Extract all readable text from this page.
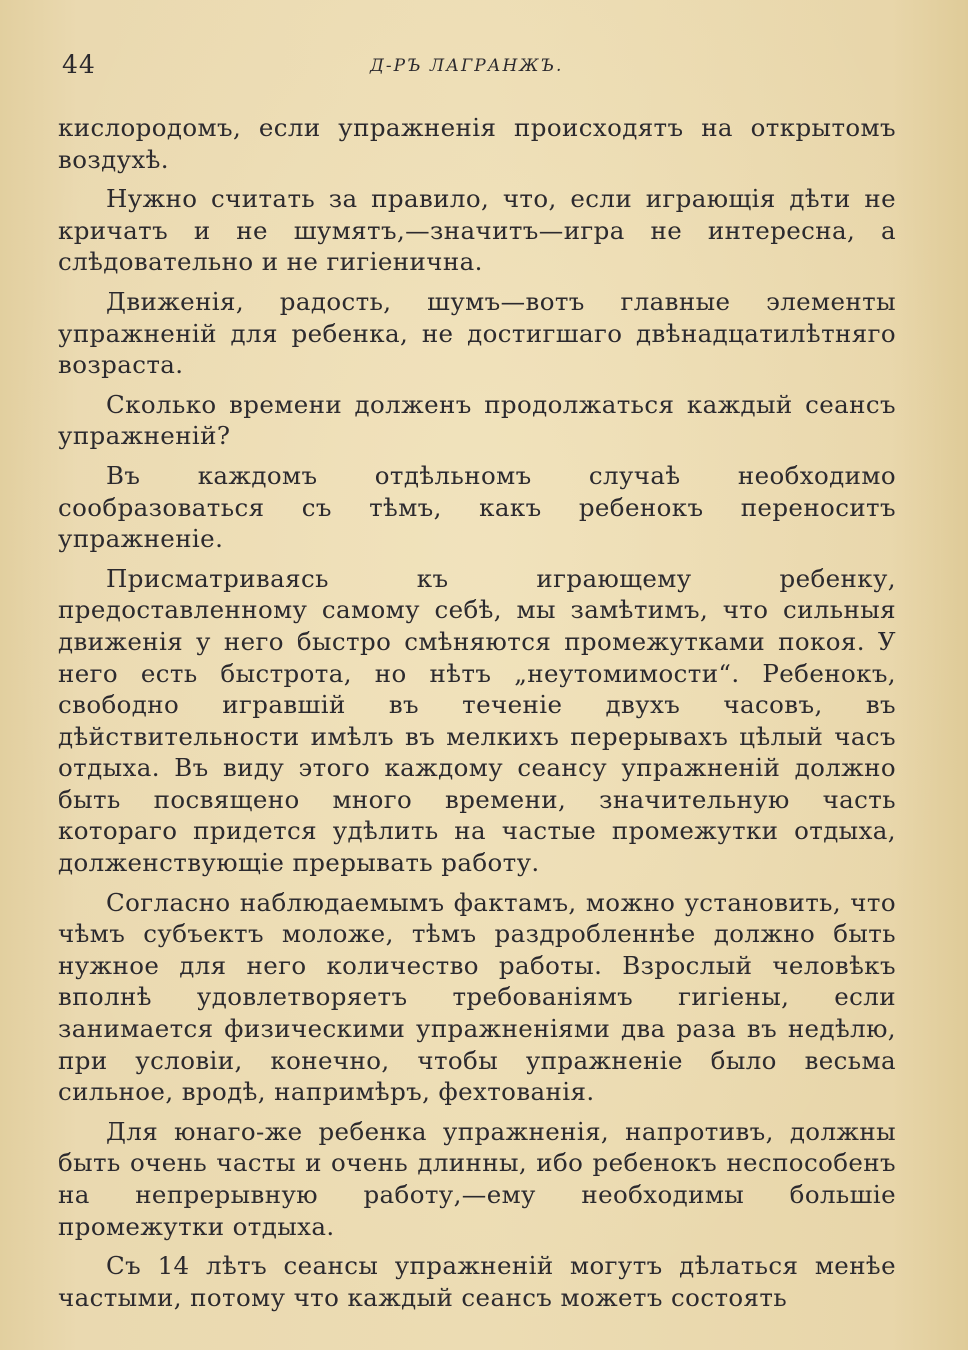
44	Д-РЪ ЛАГРАНЖЪ.

кислородомъ, если упражненія происходятъ на открытомъ воздухѣ.

Нужно считать за правило, что, если играющія дѣти не кричатъ и не шумятъ,—значитъ—игра не интересна, а слѣдовательно и не гигіенична.

Движенія, радость, шумъ—вотъ главные элементы упражненій для ребенка, не достигшаго двѣнадцатилѣтняго возраста.

Сколько времени долженъ продолжаться каждый сеансъ упражненій?

Въ каждомъ отдѣльномъ случаѣ необходимо сообразоваться съ тѣмъ, какъ ребенокъ переноситъ упражненіе.

Присматриваясь къ играющему ребенку, предоставленному самому себѣ, мы замѣтимъ, что сильныя движенія у него быстро смѣняются промежутками покоя. У него есть быстрота, но нѣтъ „неутомимости“. Ребенокъ, свободно игравшій въ теченіе двухъ часовъ, въ дѣйствительности имѣлъ въ мелкихъ перерывахъ цѣлый часъ отдыха. Въ виду этого каждому сеансу упражненій должно быть посвящено много времени, значительную часть котораго придется удѣлить на частые промежутки отдыха, долженствующіе прерывать работу.

Согласно наблюдаемымъ фактамъ, можно установить, что чѣмъ субъектъ моложе, тѣмъ раздробленнѣе должно быть нужное для него количество работы. Взрослый человѣкъ вполнѣ удовлетворяетъ требованіямъ гигіены, если занимается физическими упражненіями два раза въ недѣлю, при условіи, конечно, чтобы упражненіе было весьма сильное, вродѣ, напримѣръ, фехтованія.

Для юнаго-же ребенка упражненія, напротивъ, должны быть очень часты и очень длинны, ибо ребенокъ неспособенъ на непрерывную работу,—ему необходимы большіе промежутки отдыха.

Съ 14 лѣтъ сеансы упражненій могутъ дѣлаться менѣе частыми, потому что каждый сеансъ можетъ состоять
